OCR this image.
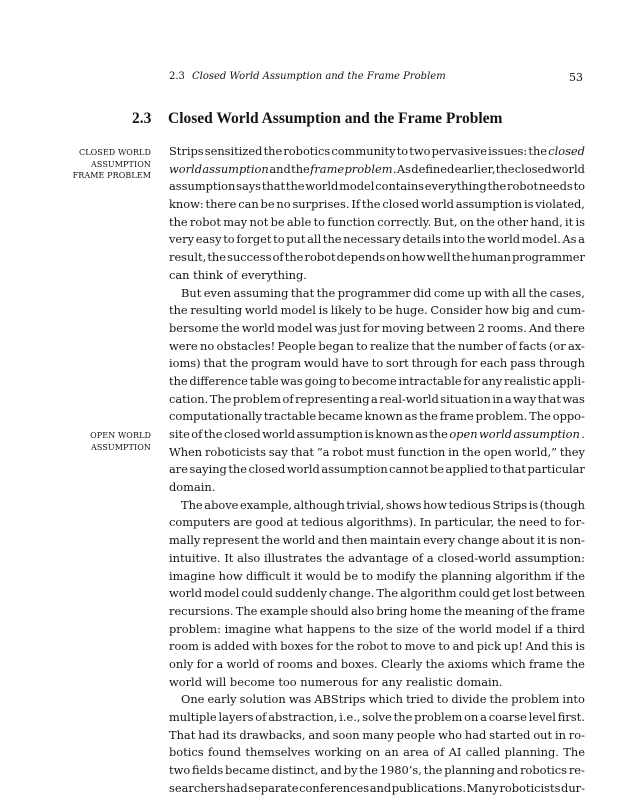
2.3 Closed World Assumption and the Frame Problem	53
2.3 Closed World Assumption and the Frame Problem
CLOSED WORLD
ASSUMPTION
FRAME PROBLEM
OPEN WORLD
ASSUMPTION
Strips sensitized the robotics community to two pervasive issues: the closed
world assumption and the frame problem . As defined earlier, the closed world
assumption says that the world model contains everything the robot needs to
know: there can be no surprises. If the closed world assumption is violated,
the robot may not be able to function correctly. But, on the other hand, it is
very easy to forget to put all the necessary details into the world model. As a
result, the success of the robot depends on how well the human programmer
can think of everything.
But even assuming that the programmer did come up with all the cases,
the resulting world model is likely to be huge. Consider how big and cum-
bersome the world model was just for moving between 2 rooms. And there
were no obstacles! People began to realize that the number of facts (or ax-
ioms) that the program would have to sort through for each pass through
the difference table was going to become intractable for any realistic appli-
cation. The problem of representing a real-world situation in a way that was
computationally tractable became known as the frame problem. The oppo-
site of the closed world assumption is known as the open world assumption .
When roboticists say that “a robot must function in the open world,” they
are saying the closed world assumption cannot be applied to that particular
domain.
The above example, although trivial, shows how tedious Strips is (though
computers are good at tedious algorithms). In particular, the need to for-
mally represent the world and then maintain every change about it is non-
intuitive. It also illustrates the advantage of a closed-world assumption:
imagine how difficult it would be to modify the planning algorithm if the
world model could suddenly change. The algorithm could get lost between
recursions. The example should also bring home the meaning of the frame
problem: imagine what happens to the size of the world model if a third
room is added with boxes for the robot to move to and pick up! And this is
only for a world of rooms and boxes. Clearly the axioms which frame the
world will become too numerous for any realistic domain.
One early solution was ABStrips which tried to divide the problem into
multiple layers of abstraction, i.e., solve the problem on a coarse level first.
That had its drawbacks, and soon many people who had started out in ro-
botics found themselves working on an area of AI called planning. The
two fields became distinct, and by the 1980’s, the planning and robotics re-
searchers had separate conferences and publications. Many roboticists dur-
